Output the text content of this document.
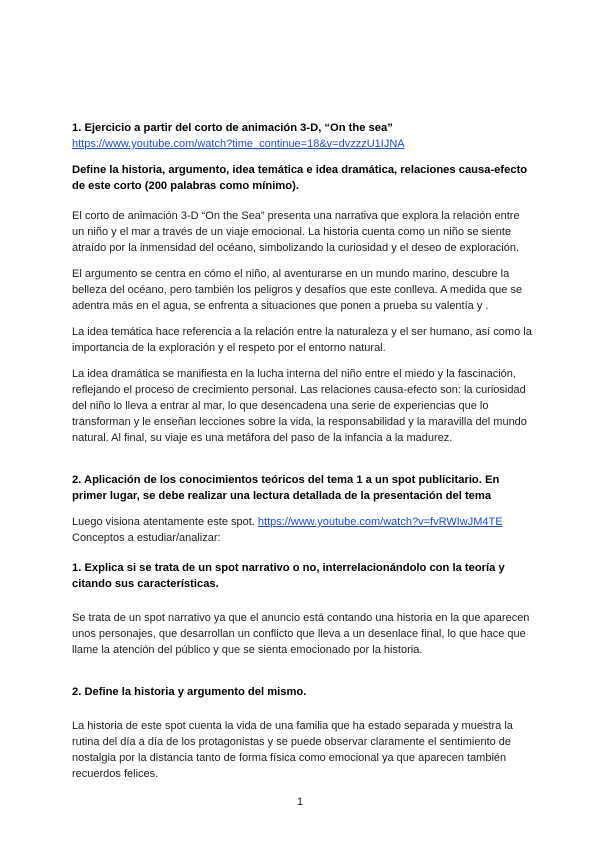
1. Ejercicio a partir del corto de animación 3-D, “On the sea”

https://www.youtube.com/watch?time_continue=18&v=dvzzzU1IJNA

Define la historia, argumento, idea temática e idea dramática, relaciones causa-efecto de este corto (200 palabras como mínimo).

El corto de animación 3-D “On the Sea” presenta una narrativa que explora la relación entre un niño y el mar a través de un viaje emocional. La historia cuenta como un niño se siente atraído por la inmensidad del océano, simbolizando la curiosidad y el deseo de exploración.

El argumento se centra en cómo el niño, al aventurarse en un mundo marino, descubre la belleza del océano, pero también los peligros y desafíos que este conlleva. A medida que se adentra más en el agua, se enfrenta a situaciones que ponen a prueba su valentía y .

La idea temática hace referencia a la relación entre la naturaleza y el ser humano, así como la importancia de la exploración y el respeto por el entorno natural.

La idea dramática se manifiesta en la lucha interna del niño entre el miedo y la fascinación, reflejando el proceso de crecimiento personal. Las relaciones causa-efecto son: la curiosidad del niño lo lleva a entrar al mar, lo que desencadena una serie de experiencias que lo transforman y le enseñan lecciones sobre la vida, la responsabilidad y la maravilla del mundo natural. Al final, su viaje es una metáfora del paso de la infancia a la madurez.

2. Aplicación de los conocimientos teóricos del tema 1 a un spot publicitario. En primer lugar, se debe realizar una lectura detallada de la presentación del tema

Luego visiona atentamente este spot. https://www.youtube.com/watch?v=fvRWIwJM4TE

Conceptos a estudiar/analizar:

1. Explica si se trata de un spot narrativo o no, interrelacionándolo con la teoría y citando sus características.

Se trata de un spot narrativo ya que el anuncio está contando una historia en la que aparecen unos personajes, que desarrollan un conflicto que lleva a un desenlace final, lo que hace que llame la atención del público y que se sienta emocionado por la historia.

2. Define la historia y argumento del mismo.

La historia de este spot cuenta la vida de una familia que ha estado separada y muestra la rutina del día a día de los protagonistas y se puede observar claramente el sentimiento de nostalgia por la distancia tanto de forma física como emocional ya que aparecen también recuerdos felices.

1
